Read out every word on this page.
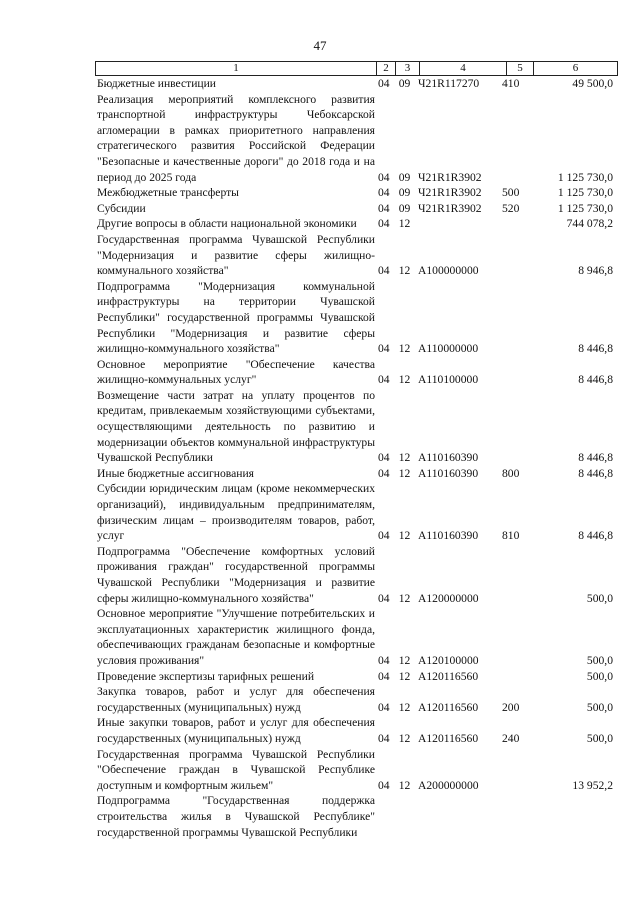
47
1	2	3	4	5	6
Бюджетные инвестиции	04 09 Ч21R117270	410	49 500,0
Реализация мероприятий комплексного развития транспортной инфраструктуры Чебоксарской агломерации в рамках приоритетного направления стратегического развития Российской Федерации "Безопасные и качественные дороги" до 2018 года и на период до 2025 года	04 09 Ч21R1R3902	1 125 730,0
Межбюджетные трансферты	04 09 Ч21R1R3902	500	1 125 730,0
Субсидии	04 09 Ч21R1R3902	520	1 125 730,0
Другие вопросы в области национальной экономики	04 12	744 078,2
Государственная программа Чувашской Республики "Модернизация и развитие сферы жилищно-коммунального хозяйства"	04 12 А100000000	8 946,8
Подпрограмма "Модернизация коммунальной инфраструктуры на территории Чувашской Республики" государственной программы Чувашской Республики "Модернизация и развитие сферы жилищно-коммунального хозяйства"	04 12 А110000000	8 446,8
Основное мероприятие "Обеспечение качества жилищно-коммунальных услуг"	04 12 А110100000	8 446,8
Возмещение части затрат на уплату процентов по кредитам, привлекаемым хозяйствующими субъектами, осуществляющими деятельность по развитию и модернизации объектов коммунальной инфраструктуры Чувашской Республики	04 12 А110160390	8 446,8
Иные бюджетные ассигнования	04 12 А110160390	800	8 446,8
Субсидии юридическим лицам (кроме некоммерческих организаций), индивидуальным предпринимателям, физическим лицам – производителям товаров, работ, услуг	04 12 А110160390	810	8 446,8
Подпрограмма "Обеспечение комфортных условий проживания граждан" государственной программы Чувашской Республики "Модернизация и развитие сферы жилищно-коммунального хозяйства"	04 12 А120000000	500,0
Основное мероприятие "Улучшение потребительских и эксплуатационных характеристик жилищного фонда, обеспечивающих гражданам безопасные и комфортные условия проживания"	04 12 А120100000	500,0
Проведение экспертизы тарифных решений	04 12 А120116560	500,0
Закупка товаров, работ и услуг для обеспечения государственных (муниципальных) нужд	04 12 А120116560	200	500,0
Иные закупки товаров, работ и услуг для обеспечения государственных (муниципальных) нужд	04 12 А120116560	240	500,0
Государственная программа Чувашской Республики "Обеспечение граждан в Чувашской Республике доступным и комфортным жильем"	04 12 А200000000	13 952,2
Подпрограмма "Государственная поддержка строительства жилья в Чувашской Республике" государственной программы Чувашской Республики
